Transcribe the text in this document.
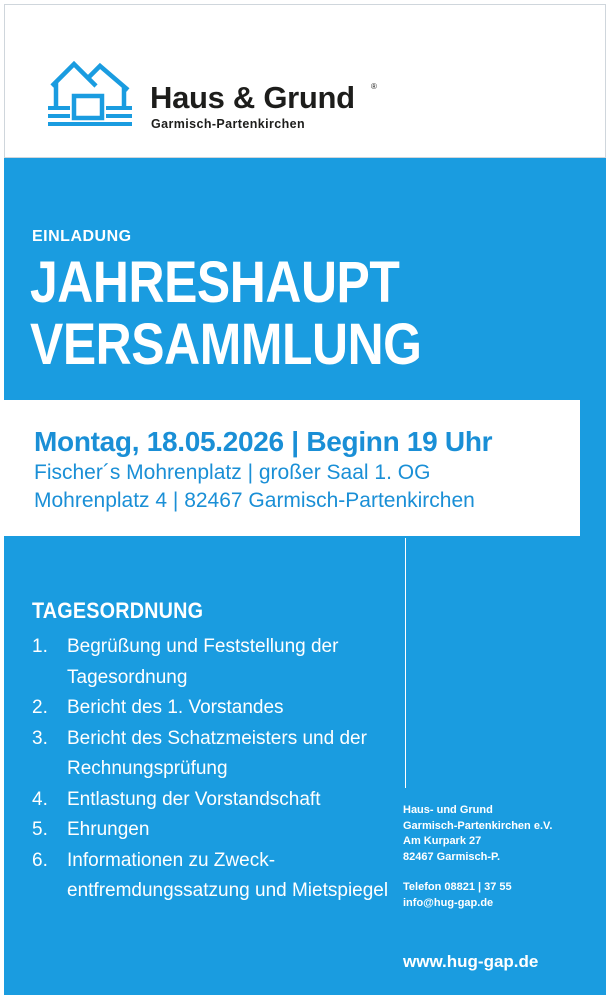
Haus & Grund ®
Garmisch-Partenkirchen
EINLADUNG
JAHRESHAUPT
VERSAMMLUNG
Montag, 18.05.2026 | Beginn 19 Uhr
Fischer´s Mohrenplatz | großer Saal 1. OG
Mohrenplatz 4 | 82467 Garmisch-Partenkirchen
TAGESORDNUNG
1. Begrüßung und Feststellung der Tagesordnung
2. Bericht des 1. Vorstandes
3. Bericht des Schatzmeisters und der Rechnungsprüfung
4. Entlastung der Vorstandschaft
5. Ehrungen
6. Informationen zu Zweck-entfremdungssatzung und Mietspiegel
Haus- und Grund
Garmisch-Partenkirchen e.V.
Am Kurpark 27
82467 Garmisch-P.
Telefon 08821 | 37 55
info@hug-gap.de
www.hug-gap.de
